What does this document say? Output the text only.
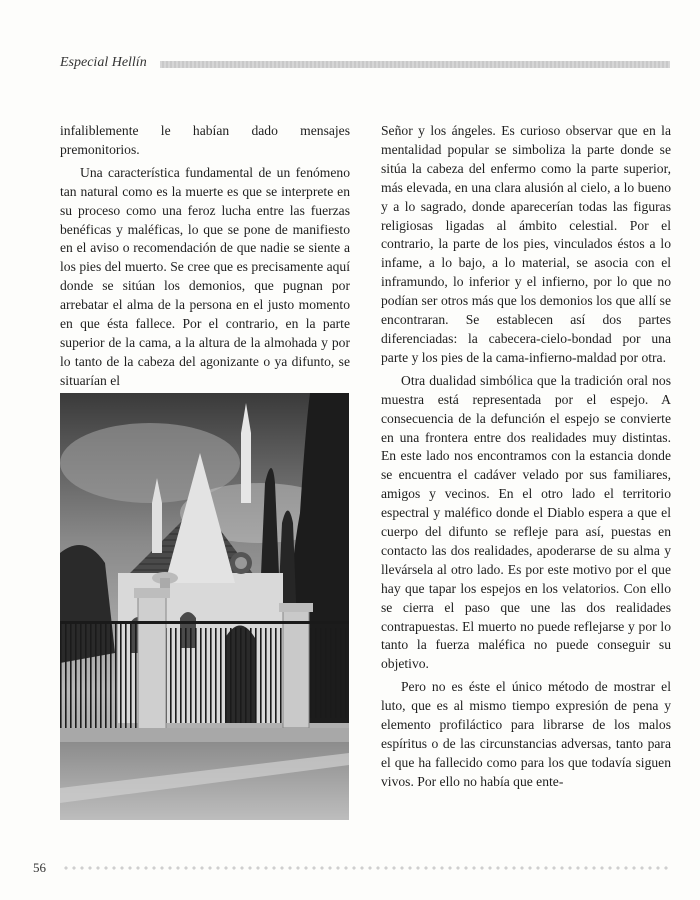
Especial Hellín

infaliblemente le habían dado mensajes premonitorios.

Una característica fundamental de un fenómeno tan natural como es la muerte es que se interprete en su proceso como una feroz lucha entre las fuerzas benéficas y maléficas, lo que se pone de manifiesto en el aviso o recomendación de que nadie se siente a los pies del muerto. Se cree que es precisamente aquí donde se sitúan los demonios, que pugnan por arrebatar el alma de la persona en el justo momento en que ésta fallece. Por el contrario, en la parte superior de la cama, a la altura de la almohada y por lo tanto de la cabeza del agonizante o ya difunto, se situarían el

Señor y los ángeles. Es curioso observar que en la mentalidad popular se simboliza la parte donde se sitúa la cabeza del enfermo como la parte superior, más elevada, en una clara alusión al cielo, a lo bueno y a lo sagrado, donde aparecerían todas las figuras religiosas ligadas al ámbito celestial. Por el contrario, la parte de los pies, vinculados éstos a lo infame, a lo bajo, a lo material, se asocia con el inframundo, lo inferior y el infierno, por lo que no podían ser otros más que los demonios los que allí se encontraran. Se establecen así dos partes diferenciadas: la cabecera-cielo-bondad por una parte y los pies de la cama-infierno-maldad por otra.

Otra dualidad simbólica que la tradición oral nos muestra está representada por el espejo. A consecuencia de la defunción el espejo se convierte en una frontera entre dos realidades muy distintas. En este lado nos encontramos con la estancia donde se encuentra el cadáver velado por sus familiares, amigos y vecinos. En el otro lado el territorio espectral y maléfico donde el Diablo espera a que el cuerpo del difunto se refleje para así, puestas en contacto las dos realidades, apoderarse de su alma y llevársela al otro lado. Es por este motivo por el que hay que tapar los espejos en los velatorios. Con ello se cierra el paso que une las dos realidades contrapuestas. El muerto no puede reflejarse y por lo tanto la fuerza maléfica no puede conseguir su objetivo.

Pero no es éste el único método de mostrar el luto, que es al mismo tiempo expresión de pena y elemento profiláctico para librarse de los malos espíritus o de las circunstancias adversas, tanto para el que ha fallecido como para los que todavía siguen vivos. Por ello no había que ente-

56
